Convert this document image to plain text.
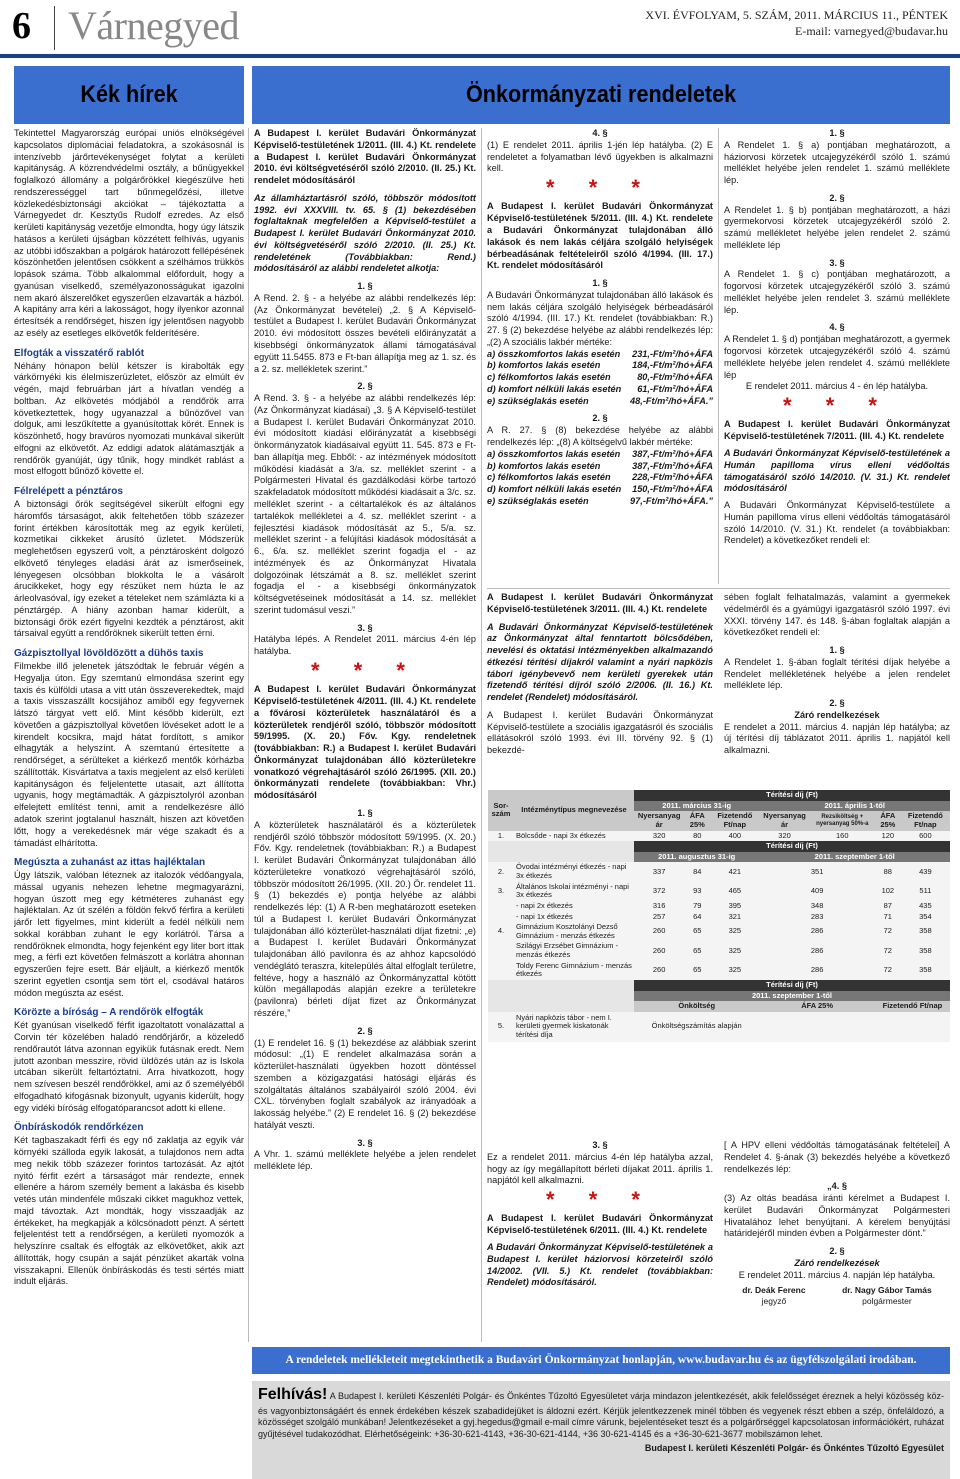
6 Várnegyed	XVI. ÉVFOLYAM, 5. SZÁM, 2011. MÁRCIUS 11., PÉNTEK
E-mail: varnegyed@budavar.hu
Kék hírek	Önkormányzati rendeletek

Tekintettel Magyarország európai uniós elnökségével kapcsolatos diplomáciai feladatokra, a szokásosnál is intenzívebb járőrtevékenységet folytat a kerületi kapitányság. A közrendvédelmi osztály, a bűnügyekkel foglalkozó állomány a polgárőrökkel kiegészülve heti rendszerességgel tart bűnmegelőzési, illetve közlekedésbiztonsági akciókat – tájékoztatta a Várnegyedet dr. Kesztyűs Rudolf ezredes. Az első kerületi kapitányság vezetője elmondta, hogy úgy látszik hatásos a kerületi újságban közzétett felhívás, ugyanis az utóbbi időszakban a polgárok határozott fellépésének köszönhetően jelentősen csökkent a szélhámos trükkös lopások száma. Több alkalommal előfordult, hogy a gyanúsan viselkedő, személyazonosságukat igazolni nem akaró álszerelőket egyszerűen elzavarták a házból. A kapitány arra kéri a lakosságot, hogy ilyenkor azonnal értesítsék a rendőrséget, hiszen így jelentősen nagyobb az esély az esetleges elkövetők felderítésére.

Elfogták a visszatérő rablót

Néhány hónapon belül kétszer is kirabolták egy várkörnyéki kis élelmiszerüzletet, először az elmúlt év végén, majd februárban járt a hívatlan vendég a boltban. Az elkövetés módjából a rendőrök arra következtettek, hogy ugyanazzal a bűnözővel van dolguk, ami leszűkítette a gyanúsítottak körét. Ennek is köszönhető, hogy bravúros nyomozati munkával sikerült elfogni az elkövetőt. Az eddigi adatok alátámasztják a rendőrök gyanúját, úgy tűnik, hogy mindkét rablást a most elfogott bűnöző követte el.

Félrelépett a pénztáros

A biztonsági őrök segítségével sikerült elfogni egy háromfős társaságot, akik feltehetően több százezer forint értékben károsították meg az egyik kerületi, kozmetikai cikkeket árusító üzletet. Módszerük meglehetősen egyszerű volt, a pénztárosként dolgozó elkövető tényleges eladási árát az ismerőseinek, lényegesen olcsóbban blokkolta le a vásárolt árucikkeket, hogy egy részüket nem húzta le az árleolvasóval, így ezeket a tételeket nem számlázta ki a pénztárgép. A hiány azonban hamar kiderült, a biztonsági őrök ezért figyelni kezdték a pénztárost, akit társaival együtt a rendőröknek sikerült tetten érni.

Gázpisztollyal lövöldözött a dühös taxis

Filmekbe illő jelenetek játszódtak le február végén a Hegyalja úton. Egy szemtanú elmondása szerint egy taxis és külföldi utasa a vitt után összeverekedtek, majd a taxis visszaszállt kocsijához amiből egy fegyvernek látszó tárgyat vett elő. Mint később kiderült, ezt követően a gázpisztollyal követően lövéseket adott le a kirendelt kocsikra, majd hátat fordított, s amikor elhagyták a helyszínt. A szemtanú értesítette a rendőrséget, a sérülteket a kiérkező mentők kórházba szállították. Kisvártatva a taxis megjelent az első kerületi kapitányságon és feljelentette utasait, azt állította ugyanis, hogy megtámadták. A gázpisztolyról azonban elfelejtett említést tenni, amit a rendelkezésre álló adatok szerint jogtalanul használt, hiszen azt követően lőtt, hogy a verekedésnek már vége szakadt és a támadást elhárította.

Megúszta a zuhanást az ittas hajléktalan

Úgy látszik, valóban léteznek az italozók védőangyala, mással ugyanis nehezen lehetne megmagyarázni, hogyan úszott meg egy kétméteres zuhanást egy hajléktalan. Az út szélén a földön fekvő férfira a kerületi járőr lett figyelmes, mint kiderült a fedél nélküli nem sokkal korábban zuhant le egy korlátról. Társa a rendőröknek elmondta, hogy fejenként egy liter bort ittak meg, a férfi ezt követően felmászott a korlátra ahonnan egyszerűen fejre esett. Bár eljáult, a kiérkező mentők szerint egyetlen csontja sem tört el, csodával határos módon megúszta az esést.

Körözte a bíróság – A rendőrök elfogták

Két gyanúsan viselkedő férfit igazoltatott vonalázattal a Corvin tér közelében haladó rendőrjárőr, a közeledő rendőrautót látva azonnan egyikük futásnak eredt. Nem jutott azonban messzire, rövid üldözés után az is Iskola utcában sikerült feltartóztatni. Arra hivatkozott, hogy nem szívesen beszél rendőrökkel, ami az ő személyéből elfogadható kifogásnak bizonyult, ugyanis kiderült, hogy egy vidéki bíróság elfogatóparancsot adott ki ellene.

Önbíráskodók rendőrkézen

Két tagbaszakadt férfi és egy nő zaklatja az egyik vár környéki szálloda egyik lakosát, a tulajdonos nem adta meg nekik több százezer forintos tartozását. Az ajtót nyitó férfit ezért a társaságot már rendezte, ennek ellenére a három személy bement a lakásba és kisebb vetés után mindenféle műszaki cikket magukhoz vettek, majd távoztak. Azt mondták, hogy visszaadják az értékeket, ha megkapják a kölcsönadott pénzt. A sértett feljelentést tett a rendőrségen, a kerületi nyomozók a helyszínre csaltak és elfogták az elkövetőket, akik azt állították, hogy csupán a saját pénzüket akarták volna visszakapni. Ellenük önbíráskodás és testi sértés miatt indult eljárás.

A Budapest I. kerület Budavári Önkormányzat Képviselő-testületének 1/2011. (III. 4.) Kt. rendelete a Budapest I. kerület Budavári Önkormányzat 2010. évi költségvetéséről szóló 2/2010. (II. 25.) Kt. rendelet módosításáról

Az államháztartásról szóló, többször módosított 1992. évi XXXVIII. tv. 65. § (1) bekezdésében foglaltaknak megfelelően a Képviselő-testület a Budapest I. kerület Budavári Önkormányzat 2010. évi költségvetéséről szóló 2/2010. (II. 25.) Kt. rendeletének (Továbbiakban: Rend.) módosításáról az alábbi rendeletet alkotja:

1. §

A Rend. 2. § - a helyébe az alábbi rendelkezés lép: (Az Önkormányzat bevételei) „2. § A Képviselő-testület a Budapest I. kerület Budavári Önkormányzat 2010. évi módosított összes bevételi előirányzatát a kisebbségi önkormányzatok állami támogatásával együtt 11.5455. 873 e Ft-ban állapítja meg az 1. sz. és a 2. sz. mellékletek szerint.”

2. §

A Rend. 3. § - a helyébe az alábbi rendelkezés lép: (Az Önkormányzat kiadásai) „3. § A Képviselő-testület a Budapest I. kerület Budavári Önkormányzat 2010. évi módosított kiadási előirányzatát a kisebbségi önkormányzatok kiadásaival együtt 11. 545. 873 e Ft-ban állapítja meg. Ebből: - az intézmények módosított működési kiadását a 3/a. sz. melléklet szerint - a Polgármesteri Hivatal és gazdálkodási körbe tartozó szakfeladatok módosított működési kiadásait a 3/c. sz. melléklet szerint - a céltartalékok és az általános tartalékok mellékletei a 4. sz. melléklet szerint - a fejlesztési kiadások módosítását az 5., 5/a. sz. melléklet szerint - a felújítási kiadások módosítását a 6., 6/a. sz. melléklet szerint fogadja el - az intézmények és az Önkormányzat Hivatala dolgozóinak létszámát a 8. sz. melléklet szerint fogadja el - a kisebbségi önkormányzatok költségvetéseinek módosítását a 14. sz. melléklet szerint tudomásul veszi.”

3. §

Hatályba lépés. A Rendelet 2011. március 4-én lép hatályba.

* * *

A Budapest I. kerület Budavári Önkormányzat Képviselő-testületének 4/2011. (III. 4.) Kt. rendelete a fővárosi közterületek használatáról és a közterületek rendjéről szóló, többször módosított 59/1995. (X. 20.) Főv. Kgy. rendeletnek (továbbiakban: R.) a Budapest I. kerület Budavári Önkormányzat tulajdonában álló közterületekre vonatkozó végrehajtásáról szóló 26/1995. (XII. 20.) önkormányzati rendelete (továbbiakban: Vhr.) módosításáról

1. §

A közterületek használatáról és a közterületek rendjéről szóló többször módosított 59/1995. (X. 20.) Főv. Kgy. rendeletnek (továbbiakban: R.) a Budapest I. kerület Budavári Önkormányzat tulajdonában álló közterületekre vonatkozó végrehajtásáról szóló, többször módosított 26/1995. (XII. 20.) Ör. rendelet 11. § (1) bekezdés e) pontja helyébe az alábbi rendelkezés lép: (1) A R-ben meghatározott eseteken túl a Budapest I. kerület Budavári Önkormányzat tulajdonában álló közterület-használati díjat fizetni: „e) a Budapest I. kerület Budavári Önkormányzat tulajdonában álló pavilonra és az ahhoz kapcsolódó vendéglátó teraszra, kitelepülés által elfoglalt területre, feltéve, hogy a használó az Önkormányzattal kötött külön megállapodás alapján ezekre a területekre (pavilonra) bérleti díjat fizet az Önkormányzat részére,”

2. §

(1) E rendelet 16. § (1) bekezdése az alábbiak szerint módosul: „(1) E rendelet alkalmazása során a közterület-használati ügyekben hozott döntéssel szemben a közigazgatási hatósági eljárás és szolgáltatás általános szabályairól szóló 2004. évi CXL. törvényben foglalt szabályok az irányadóak a lakosság helyébe.” (2) E rendelet 16. § (2) bekezdése hatályát veszti.

3. §

A Vhr. 1. számú melléklete helyébe a jelen rendelet melléklete lép.

4. §

(1) E rendelet 2011. április 1-jén lép hatályba. (2) E rendeletet a folyamatban lévő ügyekben is alkalmazni kell.

* * *

A Budapest I. kerület Budavári Önkormányzat Képviselő-testületének 5/2011. (III. 4.) Kt. rendelete a Budavári Önkormányzat tulajdonában álló lakások és nem lakás céljára szolgáló helyiségek bérbeadásának feltételeiről szóló 4/1994. (III. 17.) Kt. rendelet módosításáról

1. §

A Budavári Önkormányzat tulajdonában álló lakások és nem lakás céljára szolgáló helyiségek bérbeadásáról szóló 4/1994. (III. 17.) Kt. rendelet (továbbiakban: R.) 27. § (2) bekezdése helyébe az alábbi rendelkezés lép: „(2) A szociális lakbér mértéke:

a) összkomfortos lakás esetén 231,-Ft/m²/hó+ÁFA
b) komfortos lakás esetén	184,-Ft/m²/hó+ÁFA
c) félkomfortos lakás esetén	80,-Ft/m²/hó+ÁFA
d) komfort nélküli lakás esetén 61,-Ft/m²/hó+ÁFA
e) szükséglakás esetén	48,-Ft/m²/hó+ÁFA.”

2. §

A R. 27. § (8) bekezdése helyébe az alábbi rendelkezés lép: „(8) A költségelvű lakbér mértéke:

a) összkomfortos lakás esetén 387,-Ft/m²/hó+ÁFA
b) komfortos lakás esetén	387,-Ft/m²/hó+ÁFA
c) félkomfortos lakás esetén 228,-Ft/m²/hó+ÁFA
d) komfort nélküli lakás esetén 150,-Ft/m²/hó+ÁFA
e) szükséglakás esetén	97,-Ft/m²/hó+ÁFA.”

1. §

A Rendelet 1. § a) pontjában meghatározott, a háziorvosi körzetek utcajegyzékéről szóló 1. számú melléklet helyébe jelen rendelet 1. számú melléklete lép.

2. §

A Rendelet 1. § b) pontjában meghatározott, a házi gyermekorvosi körzetek utcajegyzékéről szóló 2. számú mellékletet helyébe jelen rendelet 2. számú melléklete lép

3. §

A Rendelet 1. § c) pontjában meghatározott, a fogorvosi körzetek utcajegyzékéről szóló 3. számú melléklet helyébe jelen rendelet 3. számú melléklete lép.

4. §

A Rendelet 1. § d) pontjában meghatározott, a gyermek fogorvosi körzetek utcajegyzékéről szóló 4. számú melléklete helyébe jelen rendelet 4. számú melléklete lép

E rendelet 2011. március 4 - én lép hatályba.

* * *

A Budapest I. kerület Budavári Önkormányzat Képviselő-testületének 7/2011. (III. 4.) Kt. rendelete

A Budavári Önkormányzat Képviselő-testületének a Humán papilloma vírus elleni védőoltás támogatásáról szóló 14/2010. (V. 31.) Kt. rendelet módosításáról

A Budavári Önkormányzat Képviselő-testülete a Humán papilloma vírus elleni védőoltás támogatásáról szóló 14/2010. (V. 31.) Kt. rendelet (a továbbiakban: Rendelet) a következőket rendeli el:

A Budapest I. kerület Budavári Önkormányzat Képviselő-testületének 3/2011. (III. 4.) Kt. rendelete

A Budavári Önkormányzat Képviselő-testületének az Önkormányzat által fenntartott bölcsődében, nevelési és oktatási intézményekben alkalmazandó étkezési térítési díjakról valamint a nyári napközis tábori igénybevevő nem kerületi gyerekek után fizetendő térítési díjról szóló 2/2006. (II. 16.) Kt. rendelet (Rendelet) módosításáról.

A Budapest I. kerület Budavári Önkormányzat Képviselő-testülete a szociális igazgatásról és szociális ellátásokról szóló 1993. évi III. törvény 92. § (1) bekezdé-

sében foglalt felhatalmazás, valamint a gyermekek védelméről és a gyámügyi igazgatásról szóló 1997. évi XXXI. törvény 147. és 148. §-ában foglaltak alapján a következőket rendeli el:

1. §

A Rendelet 1. §-ában foglalt térítési díjak helyébe a Rendelet mellékletének helyébe a jelen rendelet melléklete lép.

2. §

Záró rendelkezések

E rendelet a 2011. március 4. napján lép hatályba; az új térítési díj táblázatot 2011. április 1. napjától kell alkalmazni.

Sor-szám	Intézménytípus megnevezése	Térítési díj (Ft)						
		2011. március 31-ig			2011. április 1-től			
		Nyersanyag ár	ÁFA 25%	Fizetendő Ft/nap	Nyersanyag ár	Rezsiköltség + nyersanyag 50%-a	ÁFA 25%	Fizetendő Ft/nap
1.	Bölcsőde - napi 3x étkezés	320	80	400	320	160	120	600
		Térítési díj (Ft)						
		2011. augusztus 31-ig			2011. szeptember 1-től			
2.	Óvodai intézményi étkezés - napi 3x étkezés	337	84	421	351		88	439
3.	Általános Iskolai intézményi - napi 3x étkezés	372	93	465	409		102	511
	- napi 2x étkezés	316	79	395	348		87	435
	- napi 1x étkezés	257	64	321	283		71	354
4.	Gimnázium Kosztolányi Dezső Gimnázium - menzás étkezés	260	65	325	286		72	358
	Szilágyi Erzsébet Gimnázium - menzás étkezés	260	65	325	286		72	358
	Toldy Ferenc Gimnázium - menzás étkezés	260	65	325	286		72	358
		Térítési díj (Ft)						
		2011. szeptember 1-től						
		Önköltség			ÁFA 25%		Fizetendő Ft/nap	
5.	Nyári napközis tábor - nem I. kerületi gyermek kiskatonák térítési díja	Önköltségszámítás alapján						

3. §

Ez a rendelet 2011. március 4-én lép hatályba azzal, hogy az így megállapított bérleti díjakat 2011. április 1. napjától kell alkalmazni.

* * *

A Budapest I. kerület Budavári Önkormányzat Képviselő-testületének 6/2011. (III. 4.) Kt. rendelete

A Budavári Önkormányzat Képviselő-testületének a Budapest I. kerület háziorvosi körzeteiről szóló 14/2002. (VII. 5.) Kt. rendelet (továbbiakban: Rendelet) módosításáról.

[ A HPV elleni védőoltás támogatásának feltételei] A Rendelet 4. §-ának (3) bekezdés helyébe a következő rendelkezés lép:

„4. §

(3) Az oltás beadása iránti kérelmet a Budapest I. kerület Budavári Önkormányzat Polgármesteri Hivatalához lehet benyújtani. A kérelem benyújtási határidejéről minden évben a Polgármester dönt.”

2. §

Záró rendelkezések

E rendelet 2011. március 4. napján lép hatályba.

dr. Deák Ferenc
jegyző
dr. Nagy Gábor Tamás
polgármester
A rendeletek mellékleteit megtekinthetik a Budavári Önkormányzat honlapján, www.budavar.hu és az ügyfélszolgálati irodában.
Felhívás! A Budapest I. kerületi Készenléti Polgár- és Önkéntes Tűzoltó Egyesületet várja mindazon jelentkezését, akik felelősséget éreznek a helyi közösség köz- és vagyonbiztonságáért és ennek érdekében készek szabadidejüket is áldozni ezért. Kérjük jelentkezzenek minél többen és vegyenek részt ebben a szép, önfeláldozó, a közösséget szolgáló munkában! Jelentkezéseket a gyj.hegedus@gmail e-mail címre várunk, bejelentéseket teszt és a polgárőrséggel kapcsolatosan információkért, ruházat gyűjtésével tudakozódhat. Elérhetőségeink: +36-30-621-4143, +36-30-621-4144, +36 30-621-4145 és a +36-30-621-3677 mobilszámon lehet.
Budapest I. kerületi Készenléti Polgár- és Önkéntes Tűzoltó Egyesület
